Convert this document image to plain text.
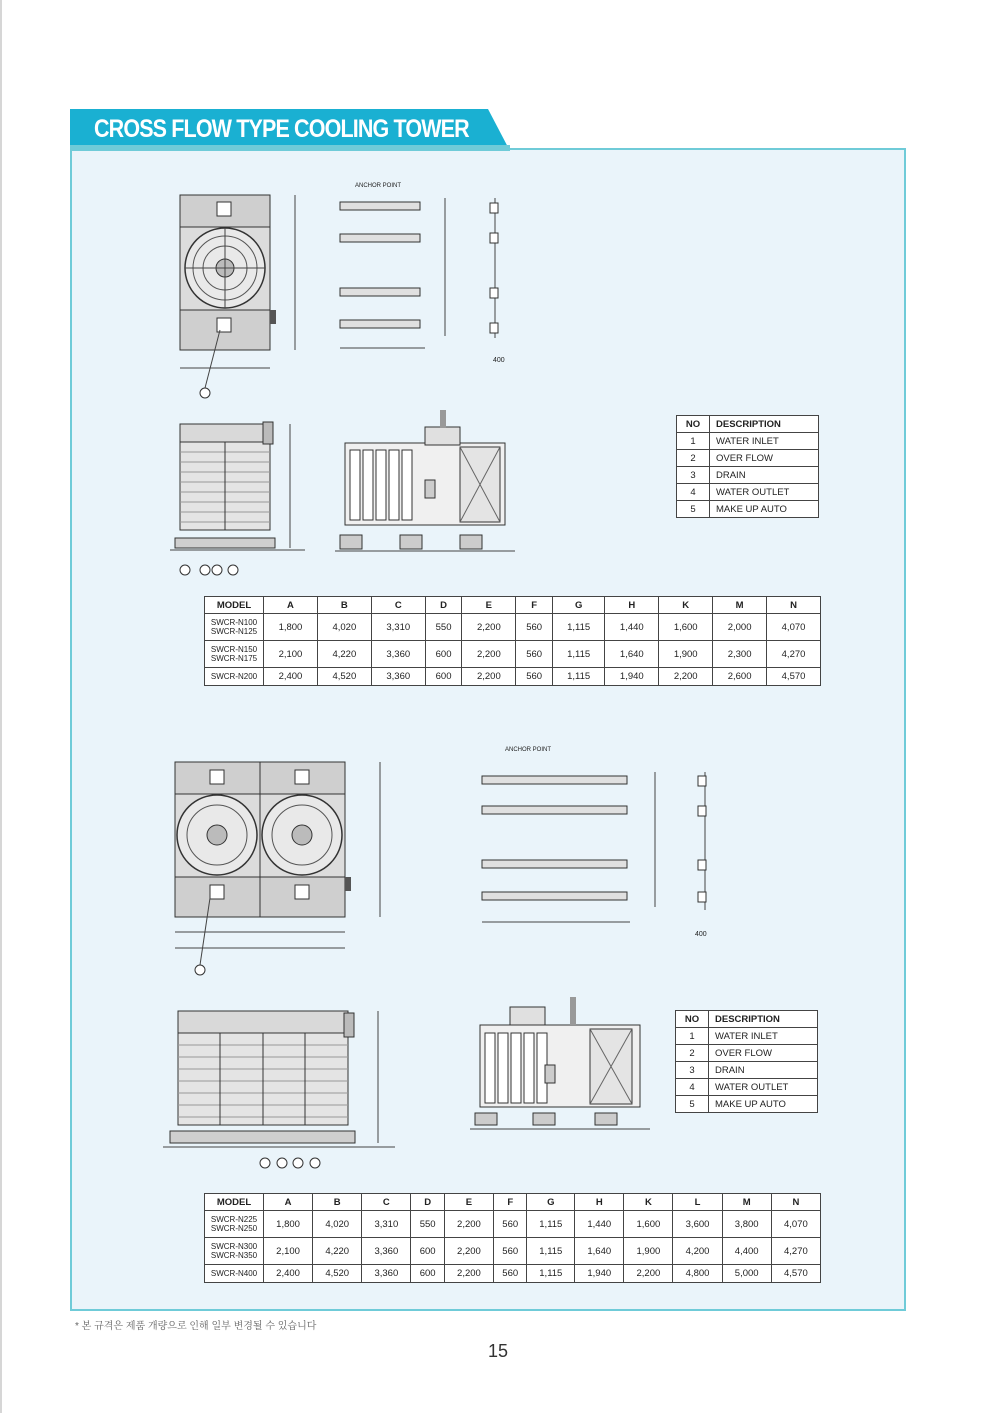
CROSS FLOW TYPE COOLING TOWER
ANCHOR POINT
400
NO	DESCRIPTION
1	WATER INLET
2	OVER FLOW
3	DRAIN
4	WATER OUTLET
5	MAKE UP AUTO
MODEL	A	B	C	D	E	F	G	H	K	M	N
SWCR-N100
SWCR-N125	1,800	4,020	3,310	550	2,200	560	1,115	1,440	1,600	2,000	4,070
SWCR-N150
SWCR-N175	2,100	4,220	3,360	600	2,200	560	1,115	1,640	1,900	2,300	4,270
SWCR-N200	2,400	4,520	3,360	600	2,200	560	1,115	1,940	2,200	2,600	4,570
ANCHOR POINT
400
NO	DESCRIPTION
1	WATER INLET
2	OVER FLOW
3	DRAIN
4	WATER OUTLET
5	MAKE UP AUTO
MODEL	A	B	C	D	E	F	G	H	K	L	M	N
SWCR-N225
SWCR-N250	1,800	4,020	3,310	550	2,200	560	1,115	1,440	1,600	3,600	3,800	4,070
SWCR-N300
SWCR-N350	2,100	4,220	3,360	600	2,200	560	1,115	1,640	1,900	4,200	4,400	4,270
SWCR-N400	2,400	4,520	3,360	600	2,200	560	1,115	1,940	2,200	4,800	5,000	4,570
* 본 규격은 제품 개량으로 인해 일부 변경될 수 있습니다
15
